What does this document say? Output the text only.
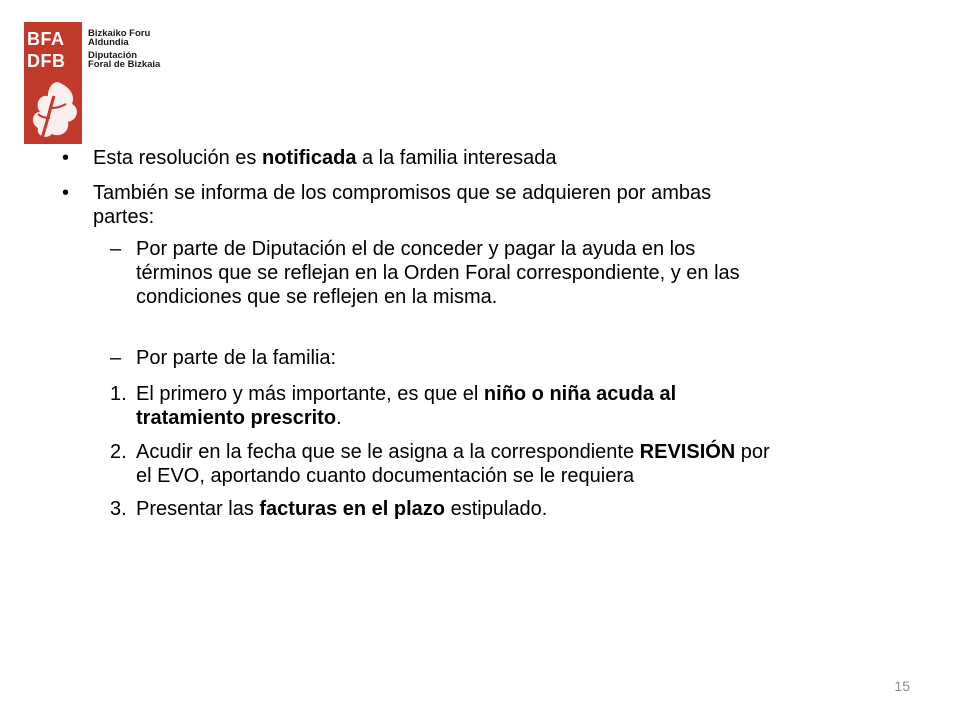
BFA
DFB
Bizkaiko Foru
Aldundia
Diputación
Foral de Bizkaia
• Esta resolución es notificada a la familia interesada
• También se informa de los compromisos que se adquieren por ambas
partes:
– Por parte de Diputación el de conceder y pagar la ayuda en los
términos que se reflejan en la Orden Foral correspondiente, y en las
condiciones que se reflejen en la misma.
– Por parte de la familia:
1. El primero y más importante, es que el niño o niña acuda al
tratamiento prescrito.
2. Acudir en la fecha que se le asigna a la correspondiente REVISIÓN por
el EVO, aportando cuanto documentación se le requiera
3. Presentar las facturas en el plazo estipulado.
15
